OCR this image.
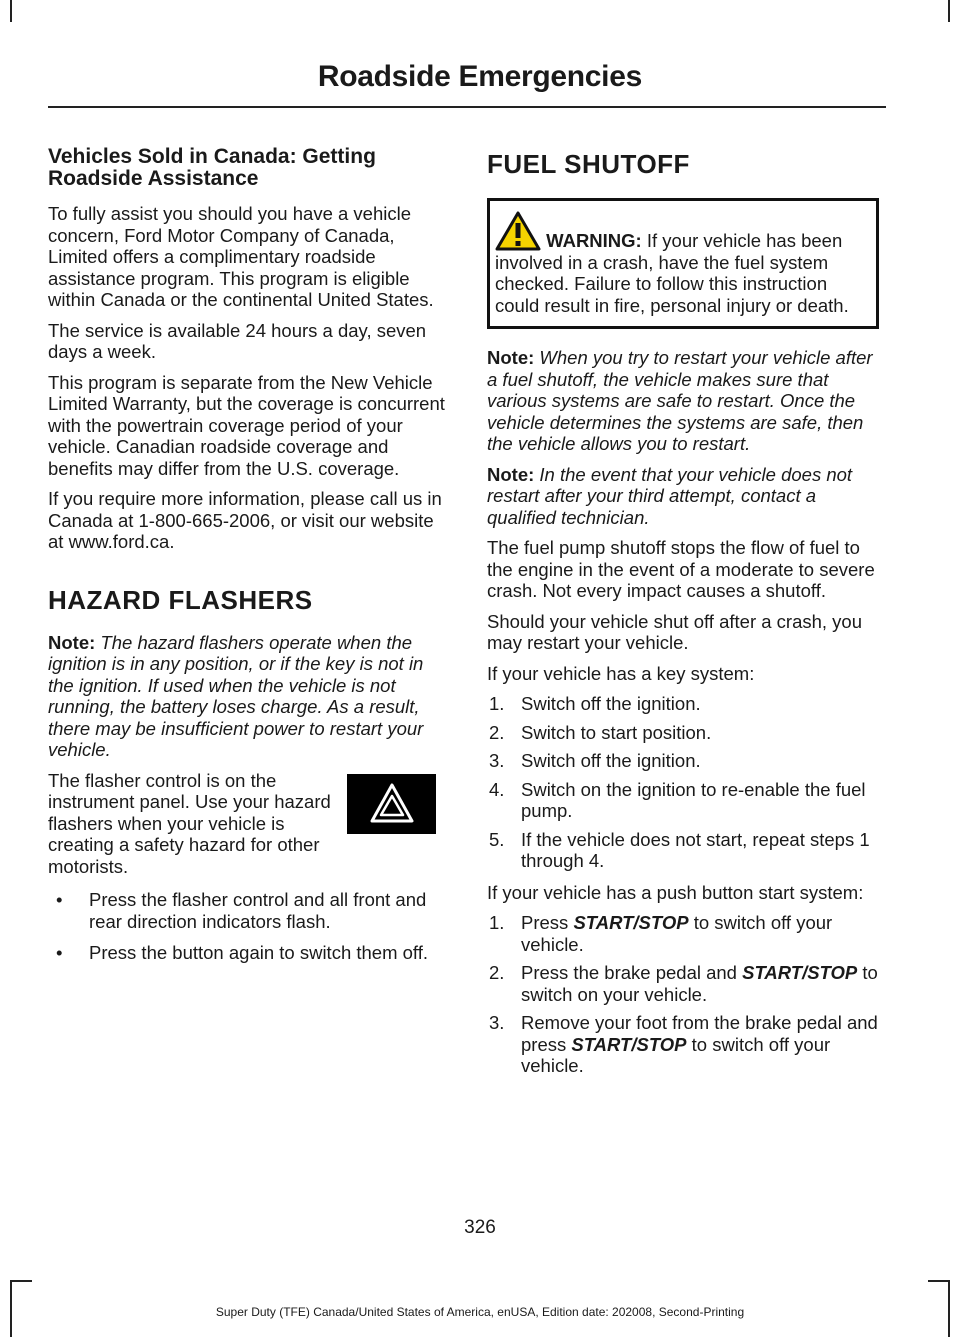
Roadside Emergencies
Vehicles Sold in Canada: Getting Roadside Assistance

To fully assist you should you have a vehicle concern, Ford Motor Company of Canada, Limited offers a complimentary roadside assistance program. This program is eligible within Canada or the continental United States.

The service is available 24 hours a day, seven days a week.

This program is separate from the New Vehicle Limited Warranty, but the coverage is concurrent with the powertrain coverage period of your vehicle. Canadian roadside coverage and benefits may differ from the U.S. coverage.

If you require more information, please call us in Canada at 1-800-665-2006, or visit our website at www.ford.ca.

HAZARD FLASHERS

Note: The hazard flashers operate when the ignition is in any position, or if the key is not in the ignition. If used when the vehicle is not running, the battery loses charge. As a result, there may be insufficient power to restart your vehicle.

The flasher control is on the instrument panel. Use your hazard flashers when your vehicle is creating a safety hazard for other motorists.

• Press the flasher control and all front and rear direction indicators flash.
• Press the button again to switch them off.
FUEL SHUTOFF
WARNING: If your vehicle has been involved in a crash, have the fuel system checked. Failure to follow this instruction could result in fire, personal injury or death.

Note: When you try to restart your vehicle after a fuel shutoff, the vehicle makes sure that various systems are safe to restart. Once the vehicle determines the systems are safe, then the vehicle allows you to restart.

Note: In the event that your vehicle does not restart after your third attempt, contact a qualified technician.

The fuel pump shutoff stops the flow of fuel to the engine in the event of a moderate to severe crash. Not every impact causes a shutoff.

Should your vehicle shut off after a crash, you may restart your vehicle.

If your vehicle has a key system:

1. Switch off the ignition.
2. Switch to start position.
3. Switch off the ignition.
4. Switch on the ignition to re-enable the fuel pump.
5. If the vehicle does not start, repeat steps 1 through 4.

If your vehicle has a push button start system:

1. Press START/STOP to switch off your vehicle.
2. Press the brake pedal and START/STOP to switch on your vehicle.
3. Remove your foot from the brake pedal and press START/STOP to switch off your vehicle.
326
Super Duty (TFE) Canada/United States of America, enUSA, Edition date: 202008, Second-Printing
